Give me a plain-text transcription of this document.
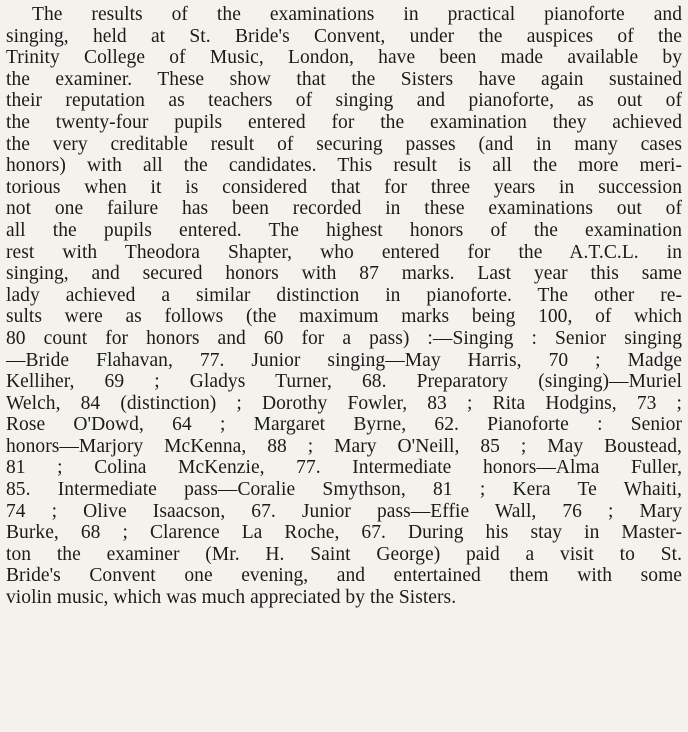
The results of the examinations in practical pianoforte and
singing, held at St. Bride's Convent, under the auspices of the
Trinity College of Music, London, have been made available by
the examiner. These show that the Sisters have again sustained
their reputation as teachers of singing and pianoforte, as out of
the twenty-four pupils entered for the examination they achieved
the very creditable result of securing passes (and in many cases
honors) with all the candidates. This result is all the more meri-
torious when it is considered that for three years in succession
not one failure has been recorded in these examinations out of
all the pupils entered. The highest honors of the examination
rest with Theodora Shapter, who entered for the A.T.C.L. in
singing, and secured honors with 87 marks. Last year this same
lady achieved a similar distinction in pianoforte. The other re-
sults were as follows (the maximum marks being 100, of which
80 count for honors and 60 for a pass) :—Singing : Senior singing
—Bride Flahavan, 77. Junior singing—May Harris, 70 ; Madge
Kelliher, 69 ; Gladys Turner, 68. Preparatory (singing)—Muriel
Welch, 84 (distinction) ; Dorothy Fowler, 83 ; Rita Hodgins, 73 ;
Rose O'Dowd, 64 ; Margaret Byrne, 62. Pianoforte : Senior
honors—Marjory McKenna, 88 ; Mary O'Neill, 85 ; May Boustead,
81 ; Colina McKenzie, 77. Intermediate honors—Alma Fuller,
85. Intermediate pass—Coralie Smythson, 81 ; Kera Te Whaiti,
74 ; Olive Isaacson, 67. Junior pass—Effie Wall, 76 ; Mary
Burke, 68 ; Clarence La Roche, 67. During his stay in Master-
ton the examiner (Mr. H. Saint George) paid a visit to St.
Bride's Convent one evening, and entertained them with some
violin music, which was much appreciated by the Sisters.
